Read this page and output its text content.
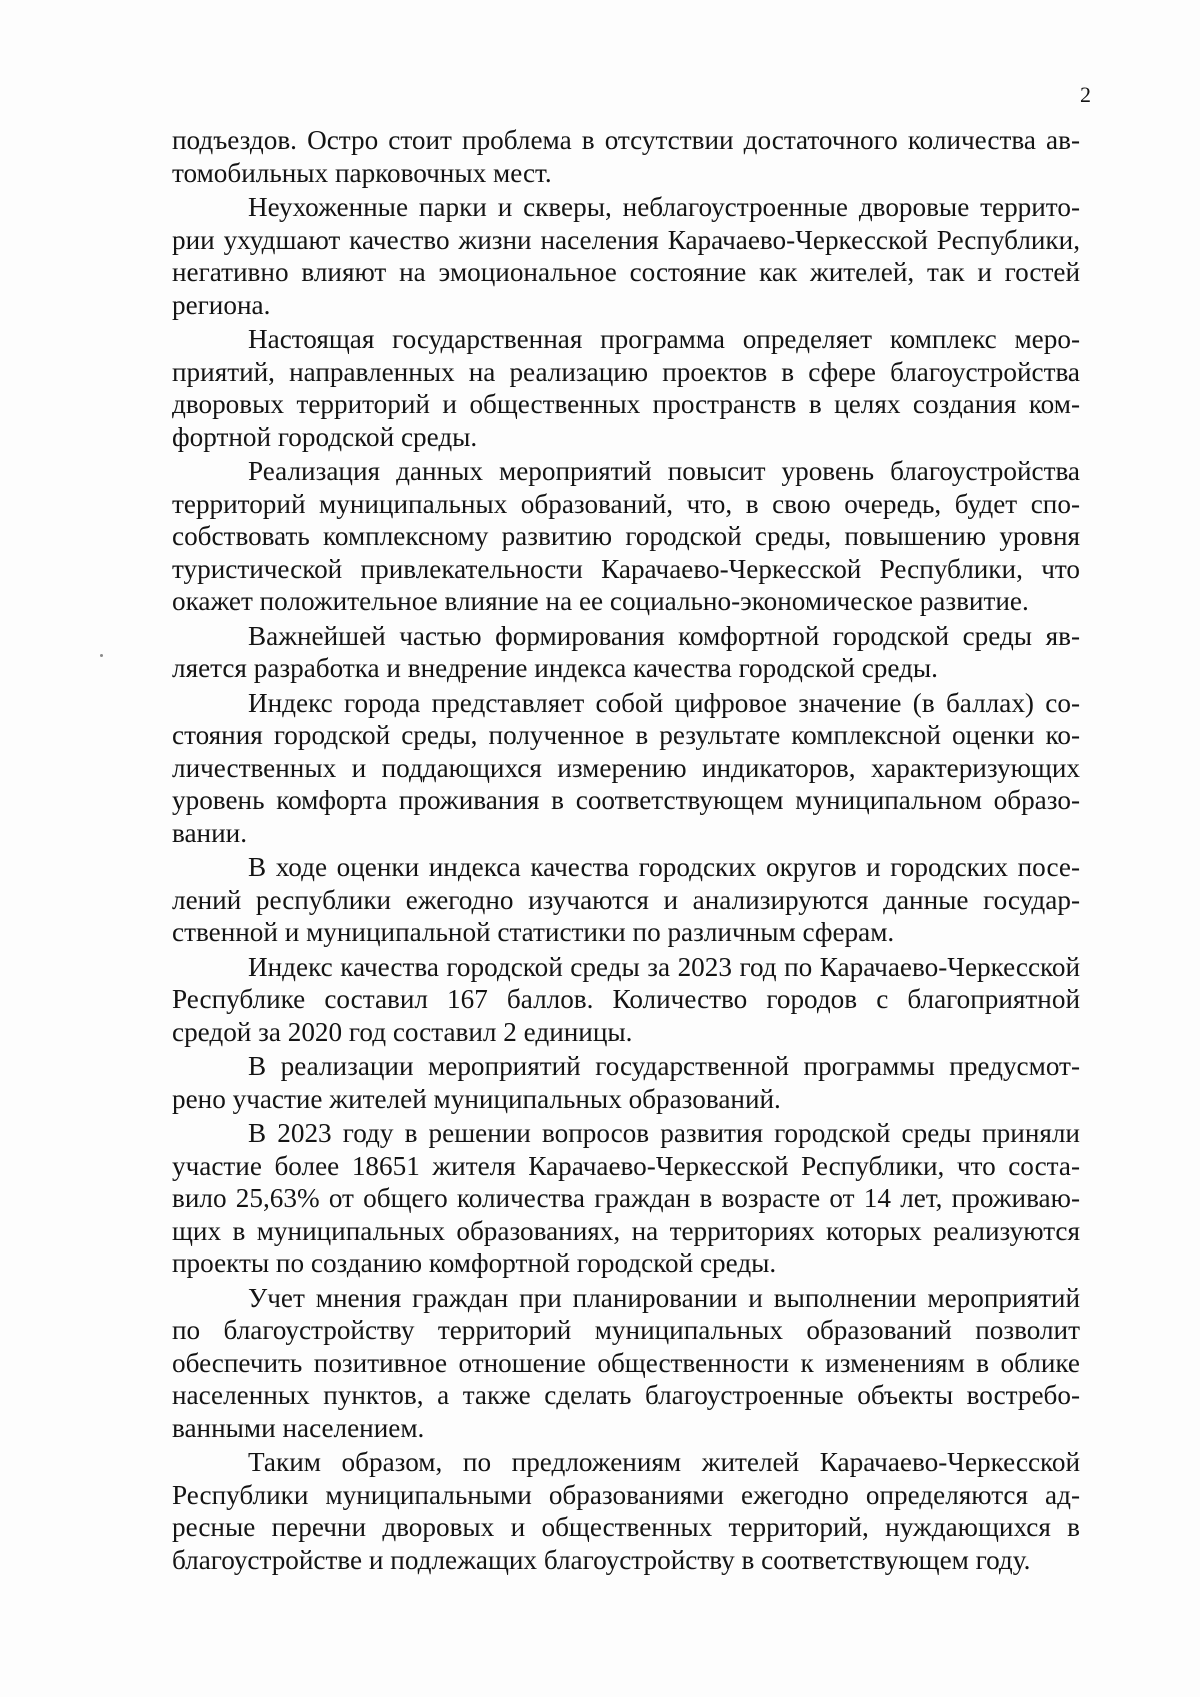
2

подъездов. Остро стоит проблема в отсутствии достаточного количества автомобильных парковочных мест.

Неухоженные парки и скверы, неблагоустроенные дворовые территории ухудшают качество жизни населения Карачаево-Черкесской Республики, негативно влияют на эмоциональное состояние как жителей, так и гостей региона.

Настоящая государственная программа определяет комплекс мероприятий, направленных на реализацию проектов в сфере благоустройства дворовых территорий и общественных пространств в целях создания комфортной городской среды.

Реализация данных мероприятий повысит уровень благоустройства территорий муниципальных образований, что, в свою очередь, будет способствовать комплексному развитию городской среды, повышению уровня туристической привлекательности Карачаево-Черкесской Республики, что окажет положительное влияние на ее социально-экономическое развитие.

Важнейшей частью формирования комфортной городской среды является разработка и внедрение индекса качества городской среды.

Индекс города представляет собой цифровое значение (в баллах) состояния городской среды, полученное в результате комплексной оценки количественных и поддающихся измерению индикаторов, характеризующих уровень комфорта проживания в соответствующем муниципальном образовании.

В ходе оценки индекса качества городских округов и городских поселений республики ежегодно изучаются и анализируются данные государственной и муниципальной статистики по различным сферам.

Индекс качества городской среды за 2023 год по Карачаево-Черкесской Республике составил 167 баллов. Количество городов с благоприятной средой за 2020 год составил 2 единицы.

В реализации мероприятий государственной программы предусмотрено участие жителей муниципальных образований.

В 2023 году в решении вопросов развития городской среды приняли участие более 18651 жителя Карачаево-Черкесской Республики, что составило 25,63% от общего количества граждан в возрасте от 14 лет, проживающих в муниципальных образованиях, на территориях которых реализуются проекты по созданию комфортной городской среды.

Учет мнения граждан при планировании и выполнении мероприятий по благоустройству территорий муниципальных образований позволит обеспечить позитивное отношение общественности к изменениям в облике населенных пунктов, а также сделать благоустроенные объекты востребованными населением.

Таким образом, по предложениям жителей Карачаево-Черкесской Республики муниципальными образованиями ежегодно определяются адресные перечни дворовых и общественных территорий, нуждающихся в благоустройстве и подлежащих благоустройству в соответствующем году.
